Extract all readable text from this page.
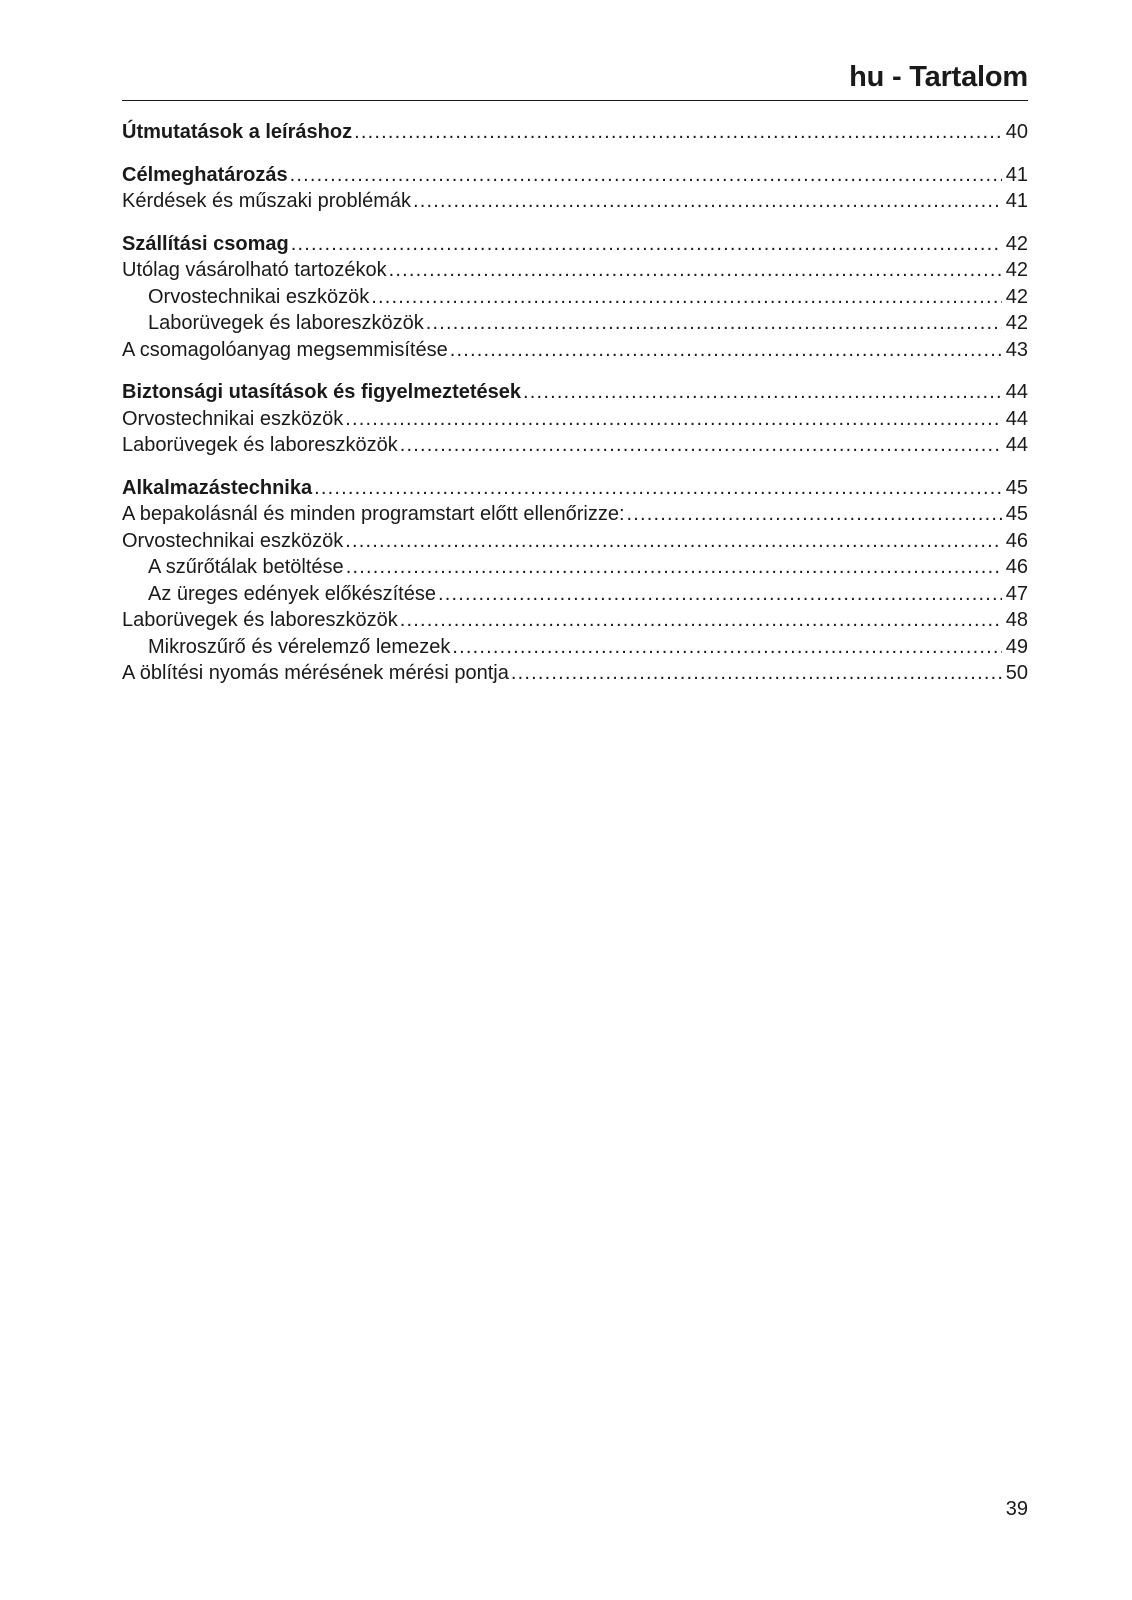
hu - Tartalom
Útmutatások a leíráshoz .....	40
Célmeghatározás .....	41
Kérdések és műszaki problémák .....	41
Szállítási csomag .....	42
Utólag vásárolható tartozékok .....	42
Orvostechnikai eszközök .....	42
Laborüvegek és laboreszközök .....	42
A csomagolóanyag megsemmisítése .....	43
Biztonsági utasítások és figyelmeztetések .....	44
Orvostechnikai eszközök .....	44
Laborüvegek és laboreszközök .....	44
Alkalmazástechnika .....	45
A bepakolásnál és minden programstart előtt ellenőrizze: .....	45
Orvostechnikai eszközök .....	46
A szűrőtálak betöltése .....	46
Az üreges edények előkészítése .....	47
Laborüvegek és laboreszközök .....	48
Mikroszűrő és vérelemző lemezek .....	49
A öblítési nyomás mérésének mérési pontja .....	50
39
